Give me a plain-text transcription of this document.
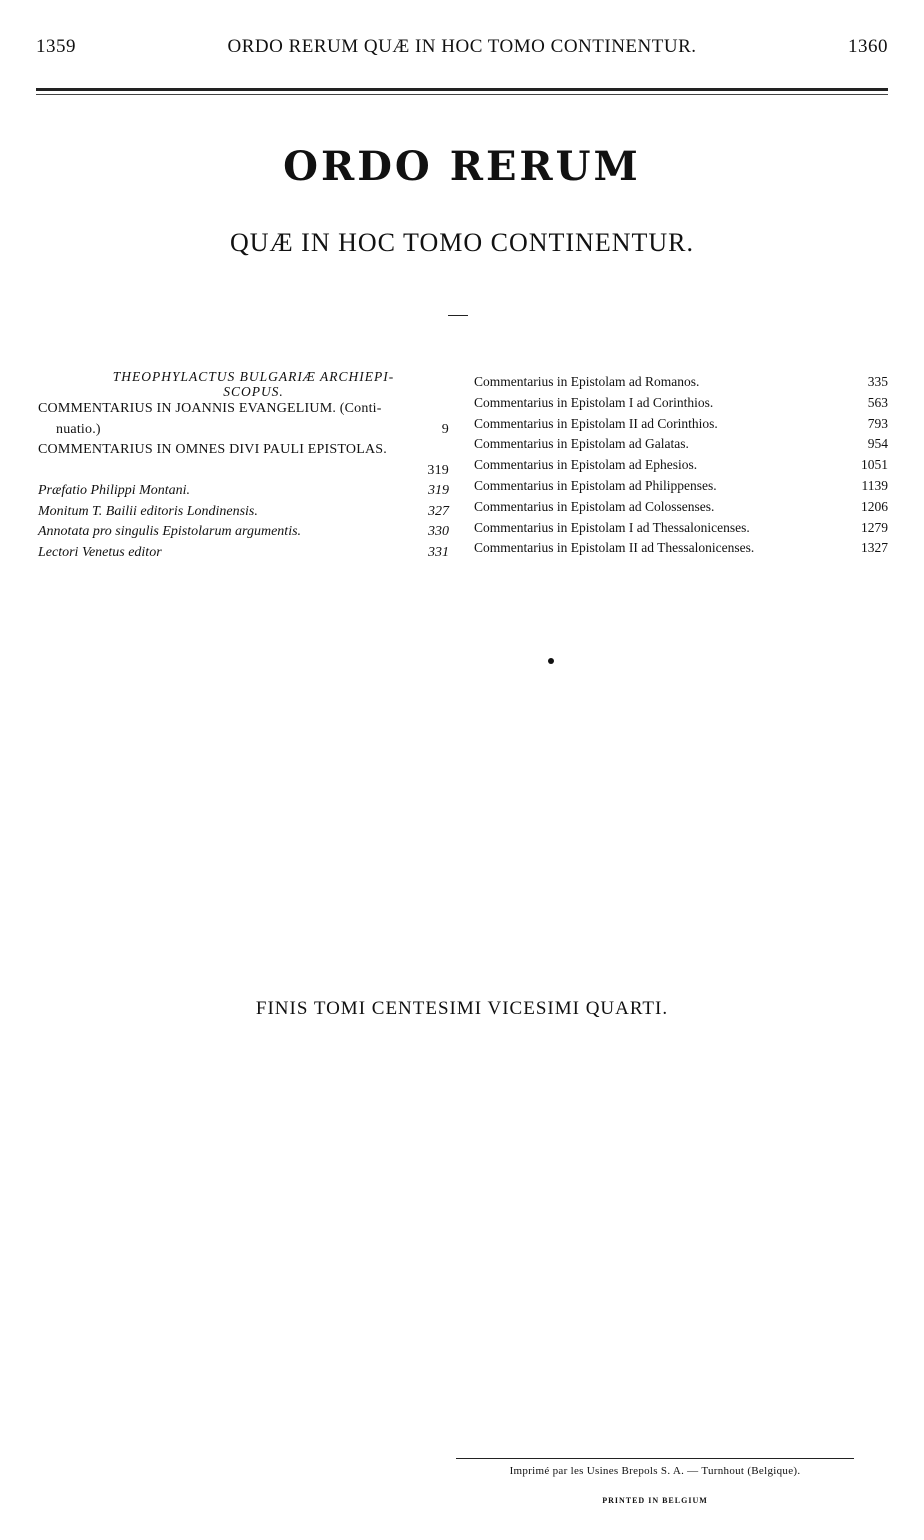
1359	ORDO RERUM QUÆ IN HOC TOMO CONTINENTUR.	1360
ORDO RERUM
QUÆ IN HOC TOMO CONTINENTUR.
THEOPHYLACTUS BULGARIÆ ARCHIEPI-
SCOPUS.
COMMENTARIUS IN JOANNIS EVANGELIUM. (Conti-
nuatio.)	9
COMMENTARIUS IN OMNES DIVI PAULI EPISTOLAS.
319
Præfatio Philippi Montani.	319
Monitum T. Bailii editoris Londinensis.	327
Annotata pro singulis Epistolarum argumentis.	330
Lectori Venetus editor	331
Commentarius in Epistolam ad Romanos.	335
Commentarius in Epistolam I ad Corinthios.	563
Commentarius in Epistolam II ad Corinthios.	793
Commentarius in Epistolam ad Galatas.	954
Commentarius in Epistolam ad Ephesios.	1051
Commentarius in Epistolam ad Philippenses.	1139
Commentarius in Epistolam ad Colossenses.	1206
Commentarius in Epistolam I ad Thessalonicenses.	1279
Commentarius in Epistolam II ad Thessalonicenses.	1327
FINIS TOMI CENTESIMI VICESIMI QUARTI.
Imprimé par les Usines Brepols S. A. — Turnhout (Belgique).
PRINTED IN BELGIUM
